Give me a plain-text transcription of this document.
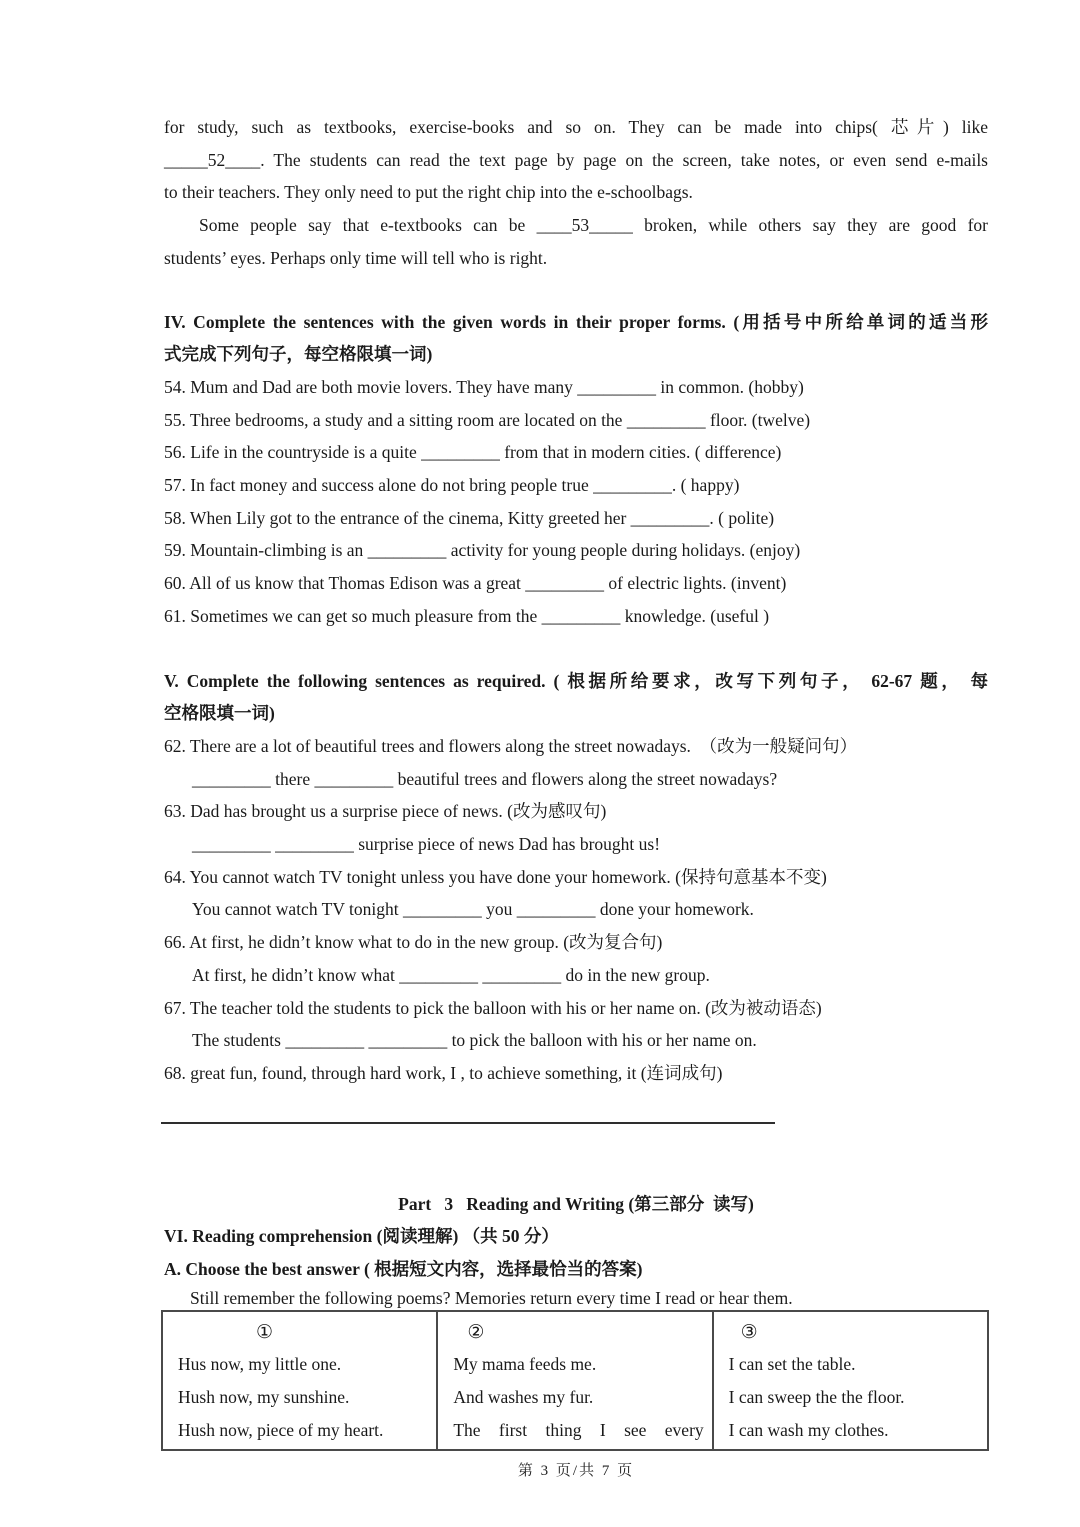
for study, such as textbooks, exercise-books and so on. They can be made into chips( 芯片) like
_____52____. The students can read the text page by page on the screen, take notes, or even send e-mails
to their teachers. They only need to put the right chip into the e-schoolbags.
Some people say that e-textbooks can be ____53_____ broken, while others say they are good for
students’ eyes. Perhaps only time will tell who is right.
IV. Complete the sentences with the given words in their proper forms. (用括号中所给单词的适当形
式完成下列句子，每空格限填一词)
54. Mum and Dad are both movie lovers. They have many _________ in common. (hobby)
55. Three bedrooms, a study and a sitting room are located on the _________ floor. (twelve)
56. Life in the countryside is a quite _________ from that in modern cities. ( difference)
57. In fact money and success alone do not bring people true _________. ( happy)
58. When Lily got to the entrance of the cinema, Kitty greeted her _________. ( polite)
59. Mountain-climbing is an _________ activity for young people during holidays. (enjoy)
60. All of us know that Thomas Edison was a great _________ of electric lights. (invent)
61. Sometimes we can get so much pleasure from the _________ knowledge. (useful )
V. Complete the following sentences as required. ( 根据所给要求，改写下列句子， 62-67 题， 每
空格限填一词)
62. There are a lot of beautiful trees and flowers along the street nowadays.  （改为一般疑问句）
_________ there _________ beautiful trees and flowers along the street nowadays?
63. Dad has brought us a surprise piece of news. (改为感叹句)
_________ _________ surprise piece of news Dad has brought us!
64. You cannot watch TV tonight unless you have done your homework. (保持句意基本不变)
You cannot watch TV tonight _________ you _________ done your homework.
66. At first, he didn’t know what to do in the new group. (改为复合句)
At first, he didn’t know what _________ _________ do in the new group.
67. The teacher told the students to pick the balloon with his or her name on. (改为被动语态)
The students _________ _________ to pick the balloon with his or her name on.
68. great fun, found, through hard work, I , to achieve something, it (连词成句)
Part   3   Reading and Writing (第三部分  读写)
VI. Reading comprehension (阅读理解) （共 50 分）
A. Choose the best answer ( 根据短文内容，选择最恰当的答案)
Still remember the following poems? Memories return every time I read or hear them.
①
Hus now, my little one.
Hush now, my sunshine.
Hush now, piece of my heart.
②
My mama feeds me.
And washes my fur.
The first thing I see every
③
I can set the table.
I can sweep the the floor.
I can wash my clothes.
第 3 页/共 7 页
